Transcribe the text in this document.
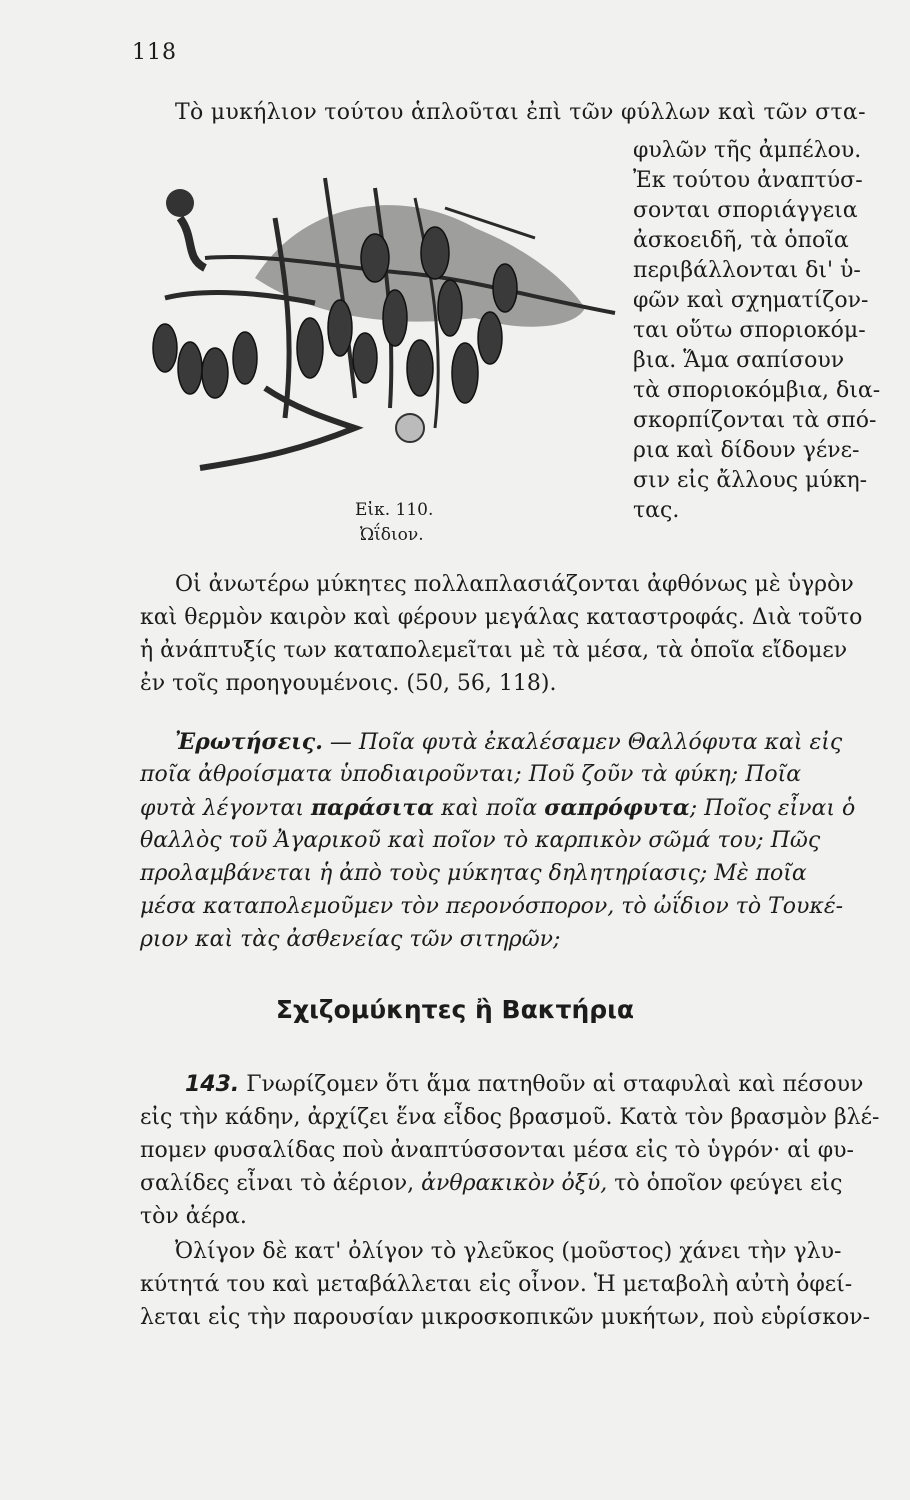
118
Τὸ μυκήλιον τούτου ἁπλοῦται ἐπὶ τῶν φύλλων καὶ τῶν στα-
Εἰκ. 110.
Ὠΐδιον.
φυλῶν τῆς ἀμπέλου.
Ἐκ τούτου ἀναπτύσ-
σονται σποριάγγεια
ἀσκοειδῆ, τὰ ὁποῖα
περιβάλλονται δι' ὑ-
φῶν καὶ σχηματίζον-
ται οὕτω σποριοκόμ-
βια. Ἅμα σαπίσουν
τὰ σποριοκόμβια, δια-
σκορπίζονται τὰ σπό-
ρια καὶ δίδουν γένε-
σιν εἰς ἄλλους μύκη-
τας.
Οἱ ἀνωτέρω μύκητες πολλαπλασιάζονται ἀφθόνως μὲ ὑγρὸν
καὶ θερμὸν καιρὸν καὶ φέρουν μεγάλας καταστροφάς. Διὰ τοῦτο
ἡ ἀνάπτυξίς των καταπολεμεῖται μὲ τὰ μέσα, τὰ ὁποῖα εἴδομεν
ἐν τοῖς προηγουμένοις. (50, 56, 118).
Ἐρωτήσεις. — Ποῖα φυτὰ ἐκαλέσαμεν Θαλλόφυτα καὶ εἰς
ποῖα ἀθροίσματα ὑποδιαιροῦνται; Ποῦ ζοῦν τὰ φύκη; Ποῖα
φυτὰ λέγονται παράσιτα καὶ ποῖα σαπρόφυτα; Ποῖος εἶναι ὁ
θαλλὸς τοῦ Ἀγαρικοῦ καὶ ποῖον τὸ καρπικὸν σῶμά του; Πῶς
προλαμβάνεται ἡ ἀπὸ τοὺς μύκητας δηλητηρίασις; Μὲ ποῖα
μέσα καταπολεμοῦμεν τὸν περονόσπορον, τὸ ὠΐδιον τὸ Τουκέ-
ριον καὶ τὰς ἀσθενείας τῶν σιτηρῶν;
Σχιζομύκητες ἢ Βακτήρια
143. Γνωρίζομεν ὅτι ἅμα πατηθοῦν αἱ σταφυλαὶ καὶ πέσουν
εἰς τὴν κάδην, ἀρχίζει ἕνα εἶδος βρασμοῦ. Κατὰ τὸν βρασμὸν βλέ-
πομεν φυσαλίδας ποὺ ἀναπτύσσονται μέσα εἰς τὸ ὑγρόν· αἱ φυ-
σαλίδες εἶναι τὸ ἀέριον, ἀνθρακικὸν ὀξύ, τὸ ὁποῖον φεύγει εἰς
τὸν ἀέρα.
Ὀλίγον δὲ κατ' ὀλίγον τὸ γλεῦκος (μοῦστος) χάνει τὴν γλυ-
κύτητά του καὶ μεταβάλλεται εἰς οἶνον. Ἡ μεταβολὴ αὐτὴ ὀφεί-
λεται εἰς τὴν παρουσίαν μικροσκοπικῶν μυκήτων, ποὺ εὑρίσκον-
